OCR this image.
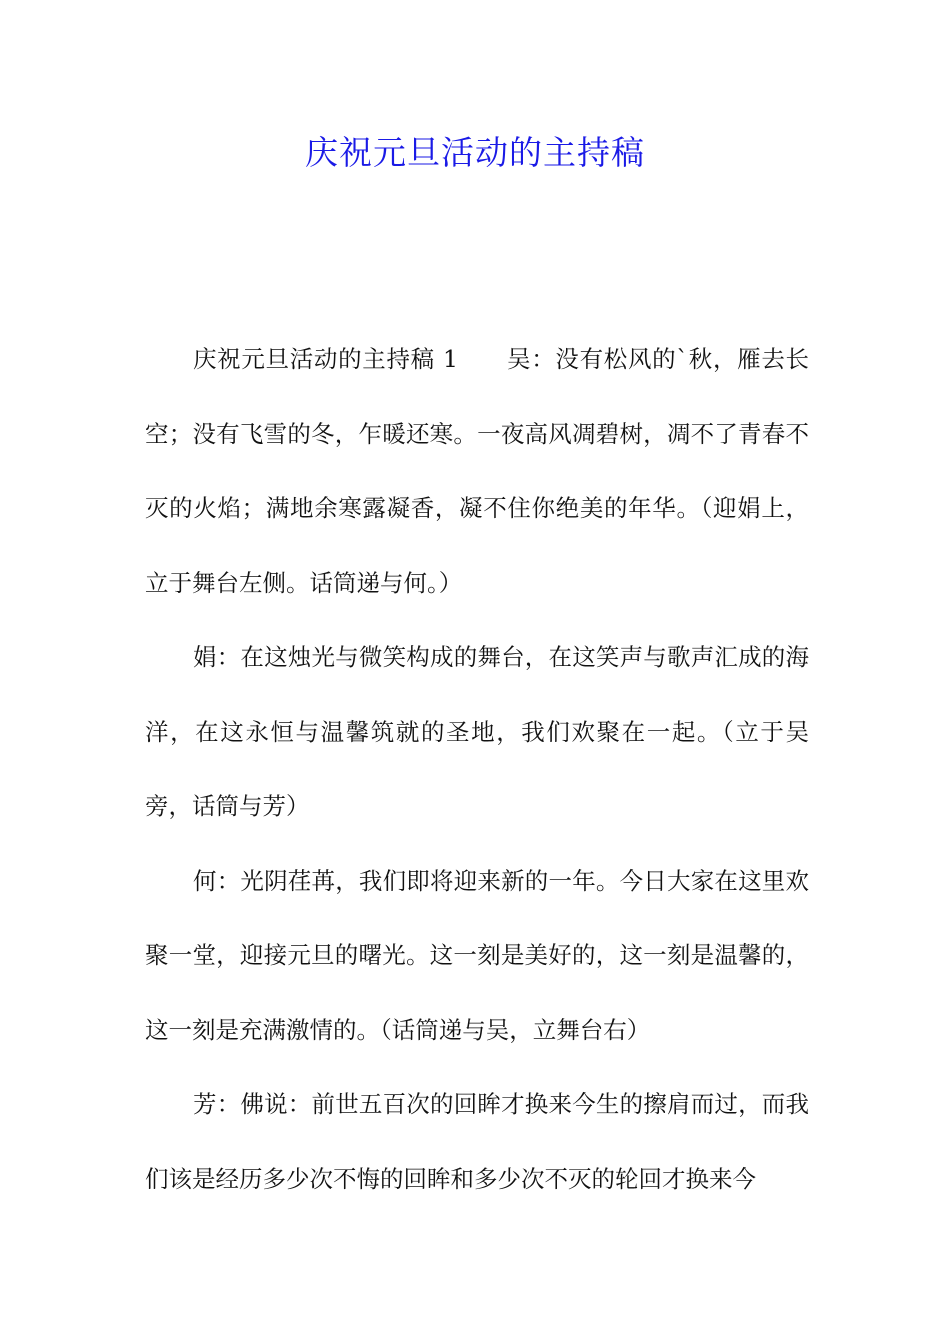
庆祝元旦活动的主持稿

庆祝元旦活动的主持稿 1　　吴：没有松风的`秋，雁去长空；没有飞雪的冬，乍暖还寒。一夜高风凋碧树，凋不了青春不灭的火焰；满地余寒露凝香，凝不住你绝美的年华。（迎娟上，立于舞台左侧。话筒递与何。）

娟：在这烛光与微笑构成的舞台，在这笑声与歌声汇成的海洋，在这永恒与温馨筑就的圣地，我们欢聚在一起。（立于吴旁，话筒与芳）

何：光阴荏苒，我们即将迎来新的一年。今日大家在这里欢聚一堂，迎接元旦的曙光。这一刻是美好的，这一刻是温馨的，这一刻是充满激情的。（话筒递与吴，立舞台右）

芳：佛说：前世五百次的回眸才换来今生的擦肩而过，而我们该是经历多少次不悔的回眸和多少次不灭的轮回才换来今
